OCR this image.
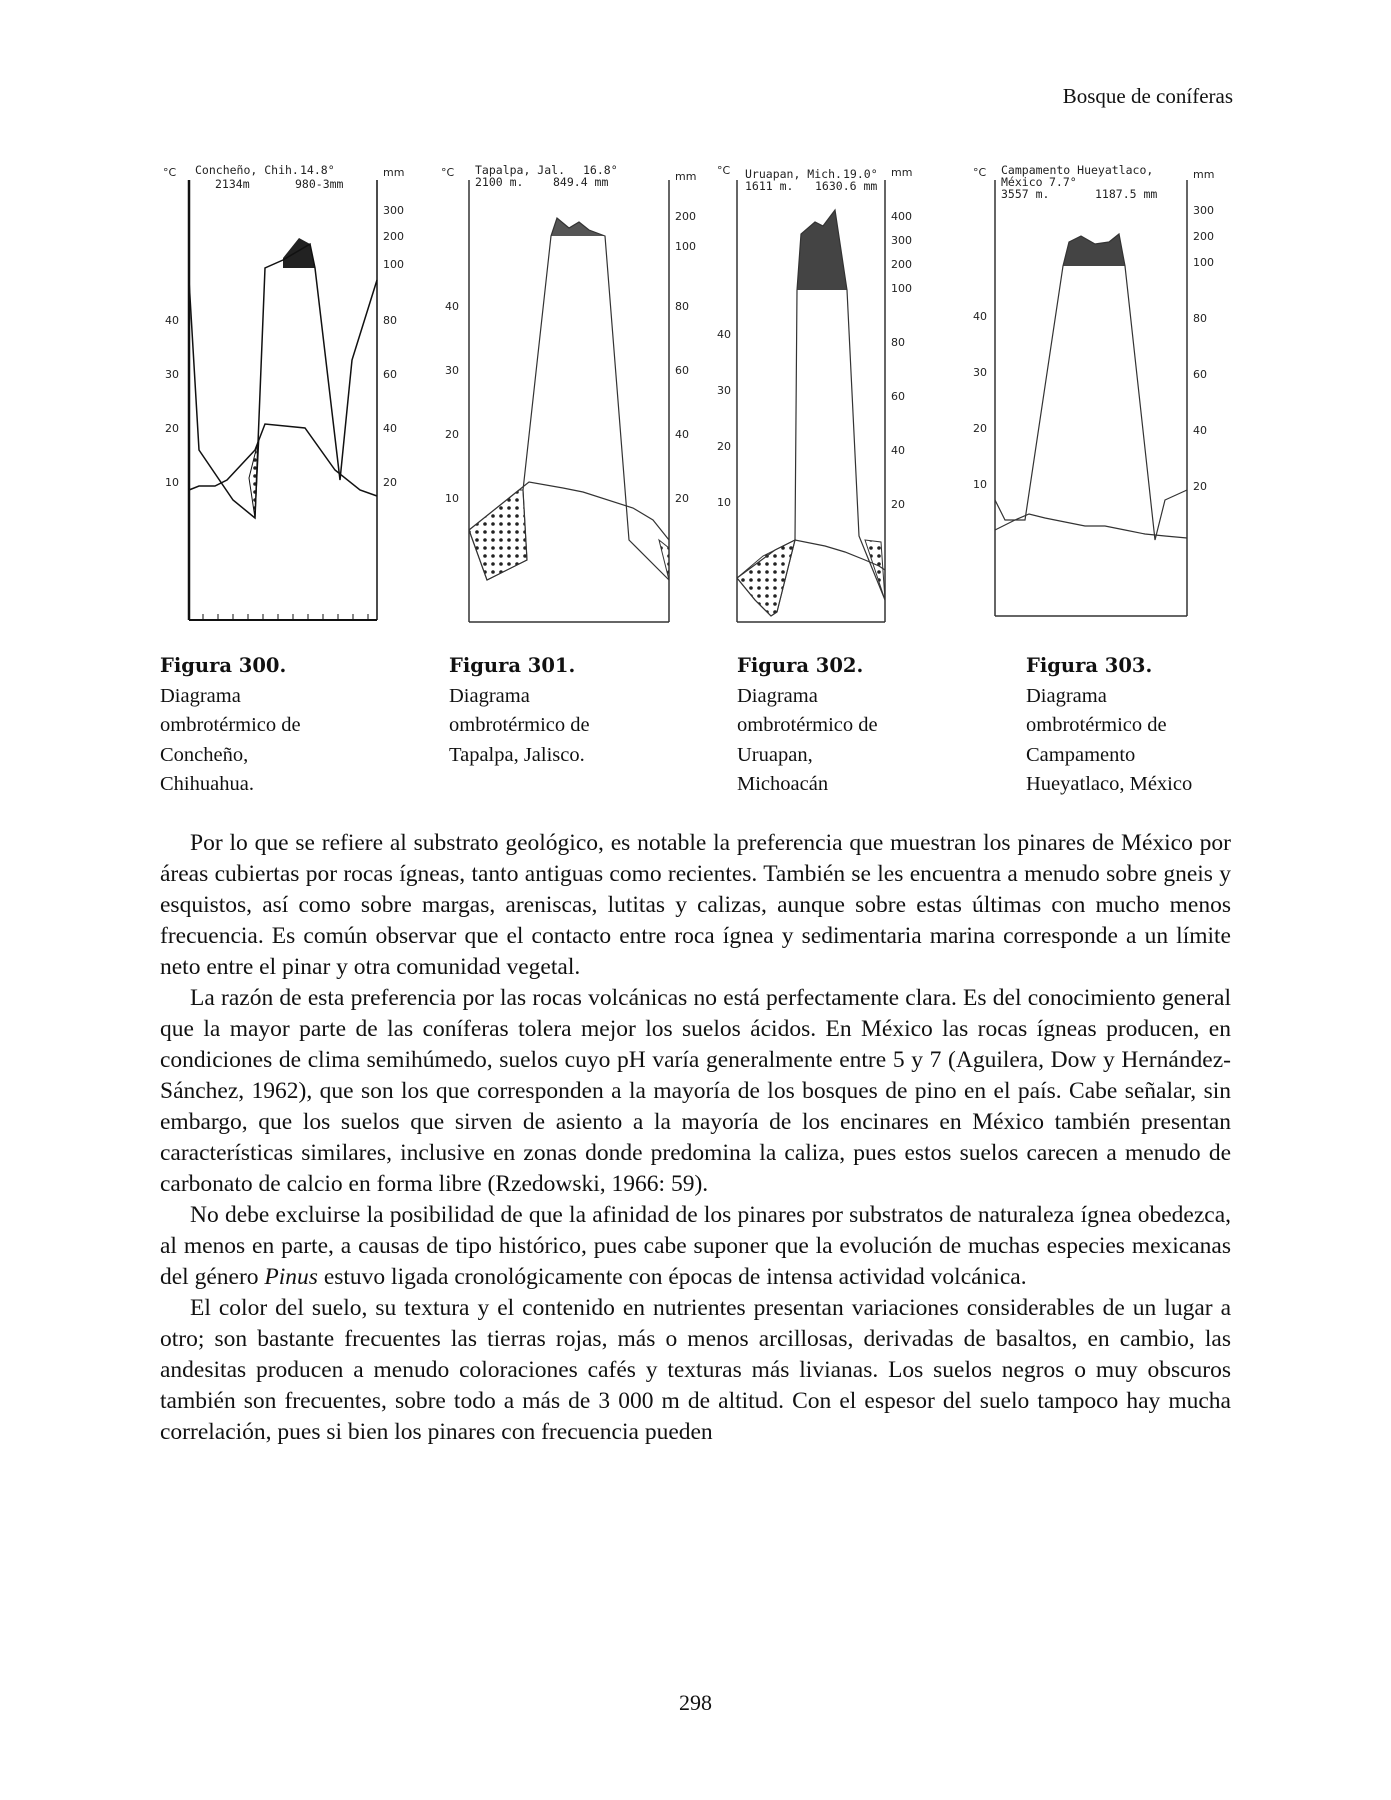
Bosque de coníferas
°C	mm
Concheño, Chih. 14.8°
2134m	980-3mm
40
30
20
10
300
200
100
80
60
40
20
°C	mm
Tapalpa, Jal. 16.8°
2100 m.	849.4 mm
40
30
20
10
200
100
80
60
40
20
°C	mm
Uruapan, Mich. 19.0°
1611 m. 1630.6 mm
40
30
20
10
400
300
200
100
80
60
40
20
°C	mm
Campamento Hueyatlaco,
México 7.7°
3557 m.	1187.5 mm
40
30
20
10
300
200
100
80
60
40
20
Figura 300.
Diagrama
ombrotérmico de
Concheño,
Chihuahua.
Figura 301.
Diagrama
ombrotérmico de
Tapalpa, Jalisco.
Figura 302.
Diagrama
ombrotérmico de
Uruapan,
Michoacán
Figura 303.
Diagrama
ombrotérmico de
Campamento
Hueyatlaco, México

Por lo que se refiere al substrato geológico, es notable la preferencia que muestran los pinares de México por áreas cubiertas por rocas ígneas, tanto antiguas como recientes. También se les encuentra a menudo sobre gneis y esquistos, así como sobre margas, areniscas, lutitas y calizas, aunque sobre estas últimas con mucho menos frecuencia. Es común observar que el contacto entre roca ígnea y sedimentaria marina corresponde a un límite neto entre el pinar y otra comunidad vegetal.

La razón de esta preferencia por las rocas volcánicas no está perfectamente clara. Es del conocimiento general que la mayor parte de las coníferas tolera mejor los suelos ácidos. En México las rocas ígneas producen, en condiciones de clima semihúmedo, suelos cuyo pH varía generalmente entre 5 y 7 (Aguilera, Dow y Hernández-Sánchez, 1962), que son los que corresponden a la mayoría de los bosques de pino en el país. Cabe señalar, sin embargo, que los suelos que sirven de asiento a la mayoría de los encinares en México también presentan características similares, inclusive en zonas donde predomina la caliza, pues estos suelos carecen a menudo de carbonato de calcio en forma libre (Rzedowski, 1966: 59).

No debe excluirse la posibilidad de que la afinidad de los pinares por substratos de naturaleza ígnea obedezca, al menos en parte, a causas de tipo histórico, pues cabe suponer que la evolución de muchas especies mexicanas del género Pinus estuvo ligada cronológicamente con épocas de intensa actividad volcánica.

El color del suelo, su textura y el contenido en nutrientes presentan variaciones considerables de un lugar a otro; son bastante frecuentes las tierras rojas, más o menos arcillosas, derivadas de basaltos, en cambio, las andesitas producen a menudo coloraciones cafés y texturas más livianas. Los suelos negros o muy obscuros también son frecuentes, sobre todo a más de 3 000 m de altitud. Con el espesor del suelo tampoco hay mucha correlación, pues si bien los pinares con frecuencia pueden

298
